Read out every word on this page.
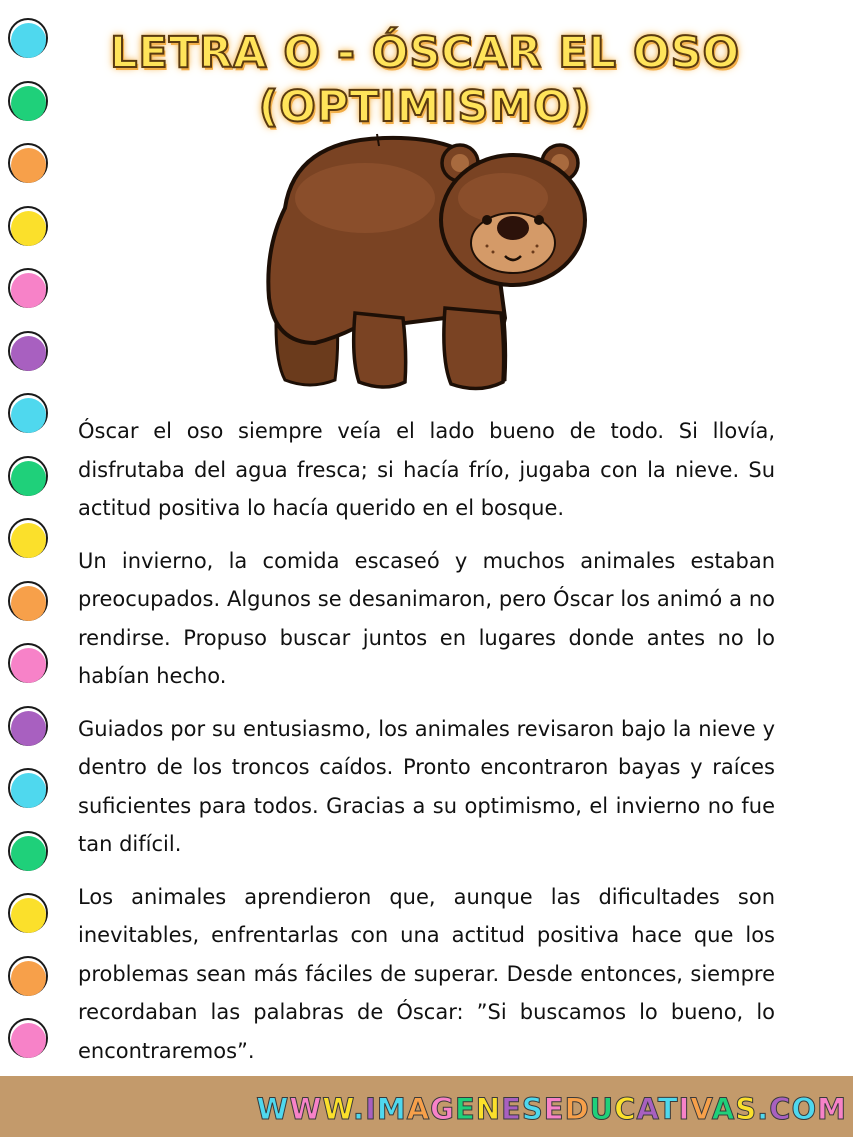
LETRA O - ÓSCAR EL OSO
(OPTIMISMO)

Óscar el oso siempre veía el lado bueno de todo. Si llovía, disfrutaba del agua fresca; si hacía frío, jugaba con la nieve. Su actitud positiva lo hacía querido en el bosque.

Un invierno, la comida escaseó y muchos animales estaban preocupados. Algunos se desanimaron, pero Óscar los animó a no rendirse. Propuso buscar juntos en lugares donde antes no lo habían hecho.

Guiados por su entusiasmo, los animales revisaron bajo la nieve y dentro de los troncos caídos. Pronto encontraron bayas y raíces suficientes para todos. Gracias a su optimismo, el invierno no fue tan difícil.

Los animales aprendieron que, aunque las dificultades son inevitables, enfrentarlas con una actitud positiva hace que los problemas sean más fáciles de superar. Desde entonces, siempre recordaban las palabras de Óscar: ”Si buscamos lo bueno, lo encontraremos”.

WWW.IMAGENESEDUCATIVAS.COM
